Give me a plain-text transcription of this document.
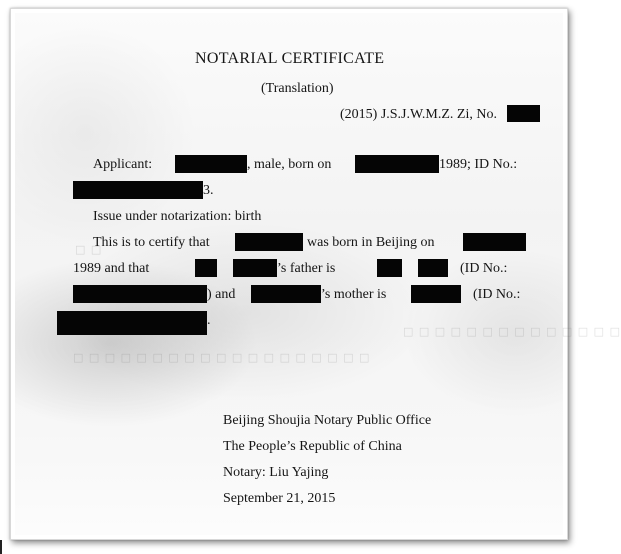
□ □ □ □ □ □ □ □ □ □ □ □ □ □
□ □ □ □ □ □ □ □ □ □ □ □ □ □ □ □ □ □ □
□ □
NOTARIAL CERTIFICATE
(Translation)
(2015) J.S.J.W.M.Z. Zi, No.
Applicant:	, male, born on	1989; ID No.:
3.
Issue under notarization: birth
This is to certify that	was born in Beijing on
1989 and that	’s father is	(ID No.:
) and	’s mother is	(ID No.:
.
Beijing Shoujia Notary Public Office
The People’s Republic of China
Notary: Liu Yajing
September 21, 2015
